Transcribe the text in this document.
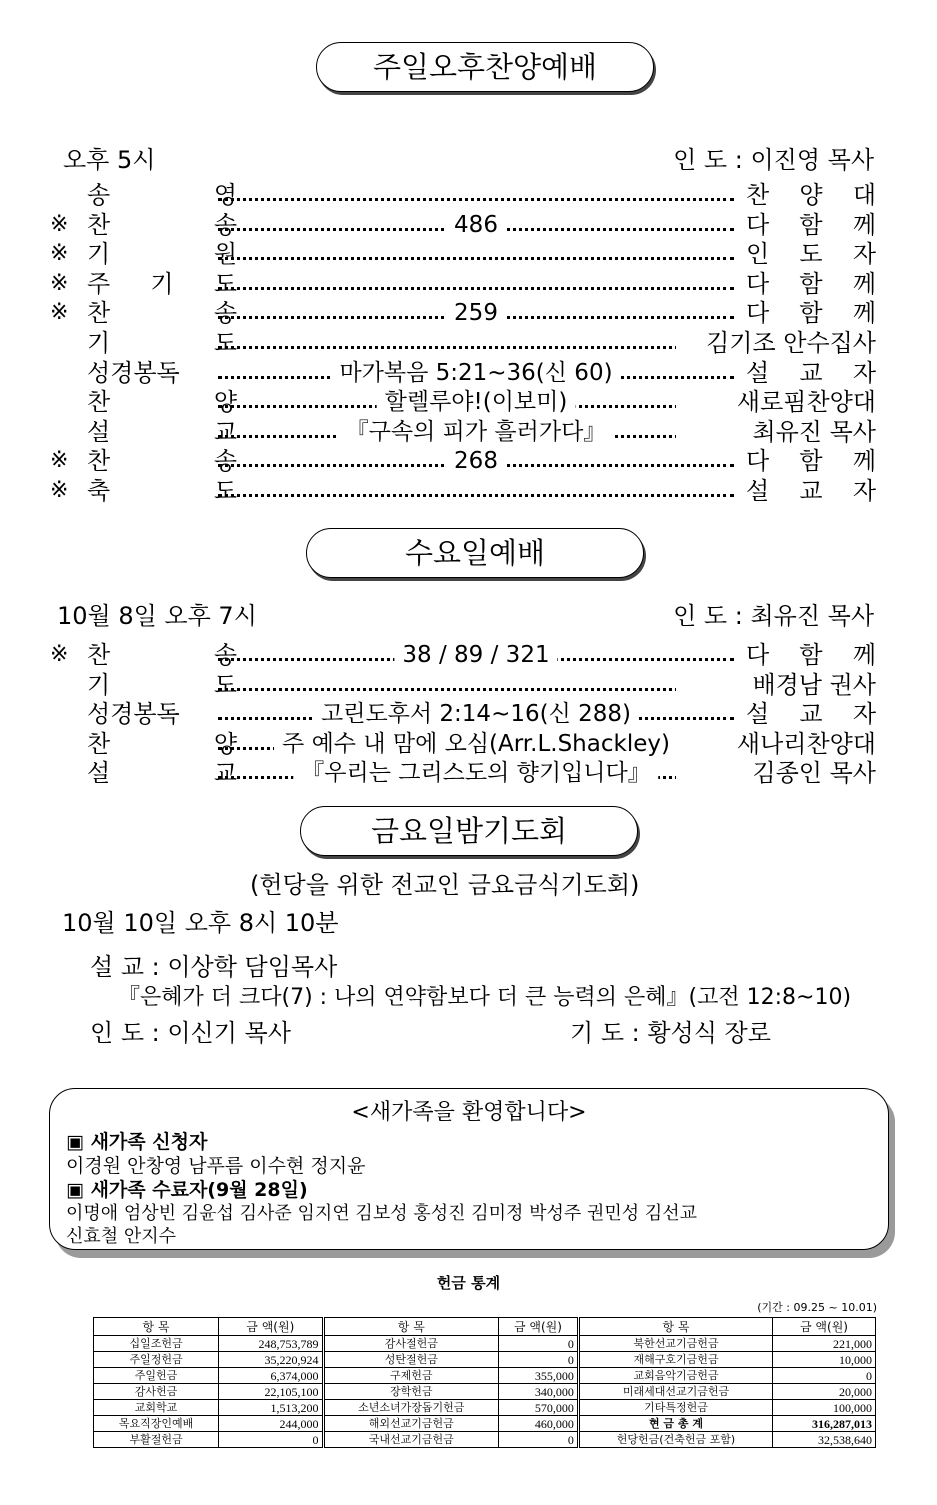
주일오후찬양예배
오후 5시	인 도 : 이진영 목사
송	영	찬 양 대
※ 찬	송	486	다 함 께
※ 기	원	인 도 자
※ 주 기 도	다 함 께
※ 찬	송	259	다 함 께
기	도	김기조 안수집사
성경봉독	마가복음 5:21~36(신 60)	설 교 자
찬	양	할렐루야!(이보미)	새로핌찬양대
설	교	『구속의 피가 흘러가다』	최유진 목사
※ 찬	송	268	다 함 께
※ 축	도	설 교 자
수요일예배
10월 8일 오후 7시	인 도 : 최유진 목사
※ 찬	송	38 / 89 / 321	다 함 께
기	도	배경남 권사
성경봉독	고린도후서 2:14~16(신 288)	설 교 자
찬	양	주 예수 내 맘에 오심(Arr.L.Shackley)	새나리찬양대
설	교	『우리는 그리스도의 향기입니다』	김종인 목사
금요일밤기도회
(헌당을 위한 전교인 금요금식기도회)
10월 10일 오후 8시 10분
설 교 : 이상학 담임목사
『은혜가 더 크다(7) : 나의 연약함보다 더 큰 능력의 은혜』(고전 12:8~10)
인 도 : 이신기 목사	기 도 : 황성식 장로
<새가족을 환영합니다>
▣ 새가족 신청자
이경원 안창영 남푸름 이수현 정지윤
▣ 새가족 수료자(9월 28일)
이명애 엄상빈 김윤섭 김사준 임지연 김보성 홍성진 김미정 박성주 권민성 김선교
신효철 안지수
헌금 통계
(기간 : 09.25 ~ 10.01)
항 목	금 액(원)	항 목	금 액(원)	항 목	금 액(원)
십일조헌금	248,753,789	감사절헌금	0	북한선교기금헌금	221,000
주일정헌금	35,220,924	성탄절헌금	0	재해구호기금헌금	10,000
주일헌금	6,374,000	구제헌금	355,000	교회음악기금헌금	0
감사헌금	22,105,100	장학헌금	340,000	미래세대선교기금헌금	20,000
교회학교	1,513,200	소년소녀가장돕기헌금	570,000	기타특정헌금	100,000
목요직장인예배	244,000	해외선교기금헌금	460,000	현 금 총 계	316,287,013
부활절헌금	0	국내선교기금헌금	0	헌당헌금(건축헌금 포함)	32,538,640
